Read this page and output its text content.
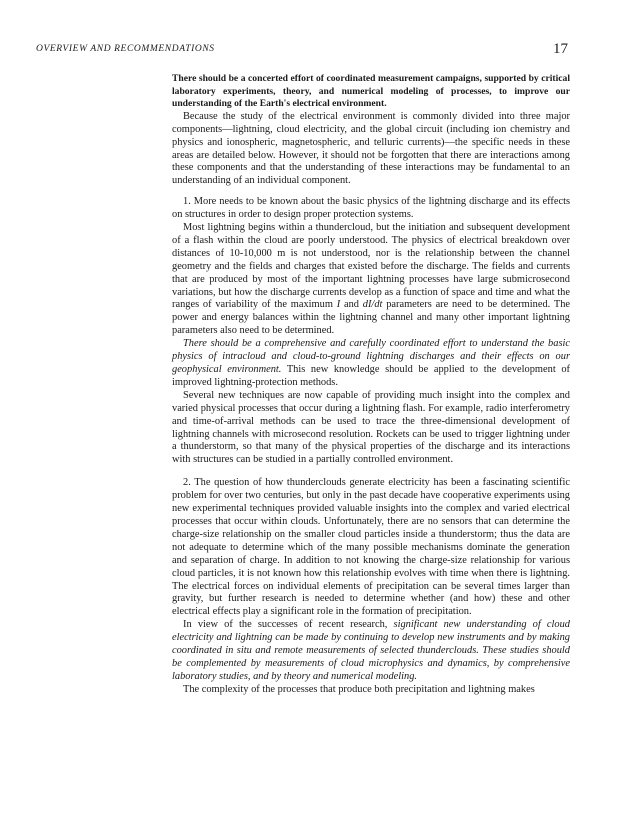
OVERVIEW AND RECOMMENDATIONS	17

There should be a concerted effort of coordinated measurement campaigns, supported by critical laboratory experiments, theory, and numerical modeling of processes, to improve our understanding of the Earth's electrical environment.

Because the study of the electrical environment is commonly divided into three major components—lightning, cloud electricity, and the global circuit (including ion chemistry and physics and ionospheric, magnetospheric, and telluric currents)—the specific needs in these areas are detailed below. However, it should not be forgotten that there are interactions among these components and that the understanding of these interactions may be fundamental to an understanding of an individual component.

1. More needs to be known about the basic physics of the lightning discharge and its effects on structures in order to design proper protection systems.

Most lightning begins within a thundercloud, but the initiation and subsequent development of a flash within the cloud are poorly understood. The physics of electrical breakdown over distances of 10-10,000 m is not understood, nor is the relationship between the channel geometry and the fields and charges that existed before the discharge. The fields and currents that are produced by most of the important lightning processes have large submicrosecond variations, but how the discharge currents develop as a function of space and time and what the ranges of variability of the maximum I and dI/dt parameters are need to be determined. The power and energy balances within the lightning channel and many other important lightning parameters also need to be determined.

There should be a comprehensive and carefully coordinated effort to understand the basic physics of intracloud and cloud-to-ground lightning discharges and their effects on our geophysical environment. This new knowledge should be applied to the development of improved lightning-protection methods.

Several new techniques are now capable of providing much insight into the complex and varied physical processes that occur during a lightning flash. For example, radio interferometry and time-of-arrival methods can be used to trace the three-dimensional development of lightning channels with microsecond resolution. Rockets can be used to trigger lightning under a thunderstorm, so that many of the physical properties of the discharge and its interactions with structures can be studied in a partially controlled environment.

2. The question of how thunderclouds generate electricity has been a fascinating scientific problem for over two centuries, but only in the past decade have cooperative experiments using new experimental techniques provided valuable insights into the complex and varied electrical processes that occur within clouds. Unfortunately, there are no sensors that can determine the charge-size relationship on the smaller cloud particles inside a thunderstorm; thus the data are not adequate to determine which of the many possible mechanisms dominate the generation and separation of charge. In addition to not knowing the charge-size relationship for various cloud particles, it is not known how this relationship evolves with time when there is lightning. The electrical forces on individual elements of precipitation can be several times larger than gravity, but further research is needed to determine whether (and how) these and other electrical effects play a significant role in the formation of precipitation.

In view of the successes of recent research, significant new understanding of cloud electricity and lightning can be made by continuing to develop new instruments and by making coordinated in situ and remote measurements of selected thunderclouds. These studies should be complemented by measurements of cloud microphysics and dynamics, by comprehensive laboratory studies, and by theory and numerical modeling.

The complexity of the processes that produce both precipitation and lightning makes
